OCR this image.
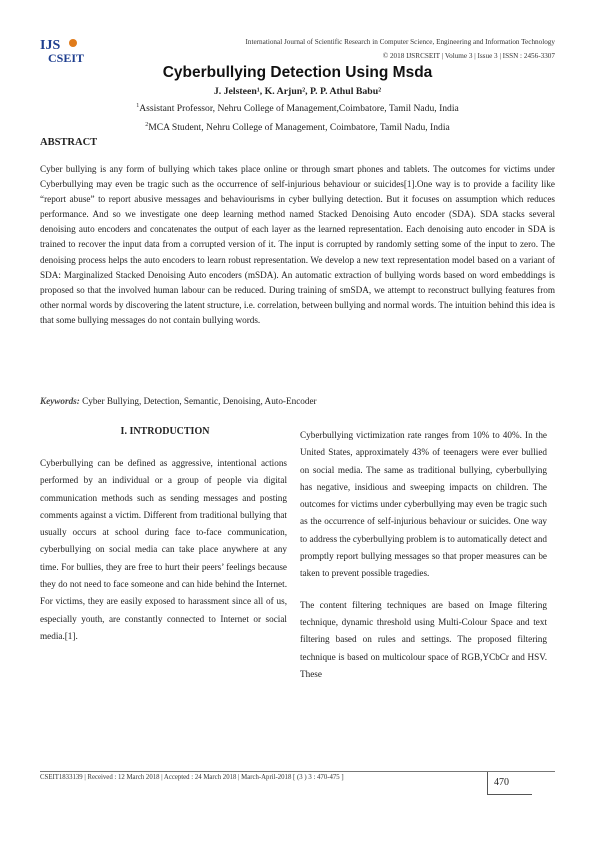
IJS
CSEIT
International Journal of Scientific Research in Computer Science, Engineering and Information Technology
© 2018 IJSRCSEIT | Volume 3 | Issue 3 | ISSN : 2456-3307
Cyberbullying Detection Using Msda
J. Jelsteen¹, K. Arjun², P. P. Athul Babu²
$^1$Assistant Professor, Nehru College of Management,Coimbatore, Tamil Nadu, India
$^2$MCA Student, Nehru College of Management, Coimbatore, Tamil Nadu, India
ABSTRACT
Cyber bullying is any form of bullying which takes place online or through smart phones and tablets. The outcomes for victims under Cyberbullying may even be tragic such as the occurrence of self-injurious behaviour or suicides[1].One way is to provide a facility like “report abuse” to report abusive messages and behaviourisms in cyber bullying detection. But it focuses on assumption which reduces performance. And so we investigate one deep learning method named Stacked Denoising Auto encoder (SDA). SDA stacks several denoising auto encoders and concatenates the output of each layer as the learned representation. Each denoising auto encoder in SDA is trained to recover the input data from a corrupted version of it. The input is corrupted by randomly setting some of the input to zero. The denoising process helps the auto encoders to learn robust representation. We develop a new text representation model based on a variant of SDA: Marginalized Stacked Denoising Auto encoders (mSDA). An automatic extraction of bullying words based on word embeddings is proposed so that the involved human labour can be reduced. During training of smSDA, we attempt to reconstruct bullying features from other normal words by discovering the latent structure, i.e. correlation, between bullying and normal words. The intuition behind this idea is that some bullying messages do not contain bullying words.
Keywords: Cyber Bullying, Detection, Semantic, Denoising, Auto-Encoder
I. INTRODUCTION

Cyberbullying can be defined as aggressive, intentional actions performed by an individual or a group of people via digital communication methods such as sending messages and posting comments against a victim. Different from traditional bullying that usually occurs at school during face to-face communication, cyberbullying on social media can take place anywhere at any time. For bullies, they are free to hurt their peers’ feelings because they do not need to face someone and can hide behind the Internet. For victims, they are easily exposed to harassment since all of us, especially youth, are constantly connected to Internet or social media.[1].

Cyberbullying victimization rate ranges from 10% to 40%. In the United States, approximately 43% of teenagers were ever bullied on social media. The same as traditional bullying, cyberbullying has negative, insidious and sweeping impacts on children. The outcomes for victims under cyberbullying may even be tragic such as the occurrence of self-injurious behaviour or suicides. One way to address the cyberbullying problem is to automatically detect and promptly report bullying messages so that proper measures can be taken to prevent possible tragedies.

The content filtering techniques are based on Image filtering technique, dynamic threshold using Multi-Colour Space and text filtering based on rules and settings. The proposed filtering technique is based on multicolour space of RGB,YCbCr and HSV. These

CSEIT1833139 | Received : 12 March 2018 | Accepted : 24 March 2018 | March-April-2018 [ (3 ) 3 : 470-475 ]	470
